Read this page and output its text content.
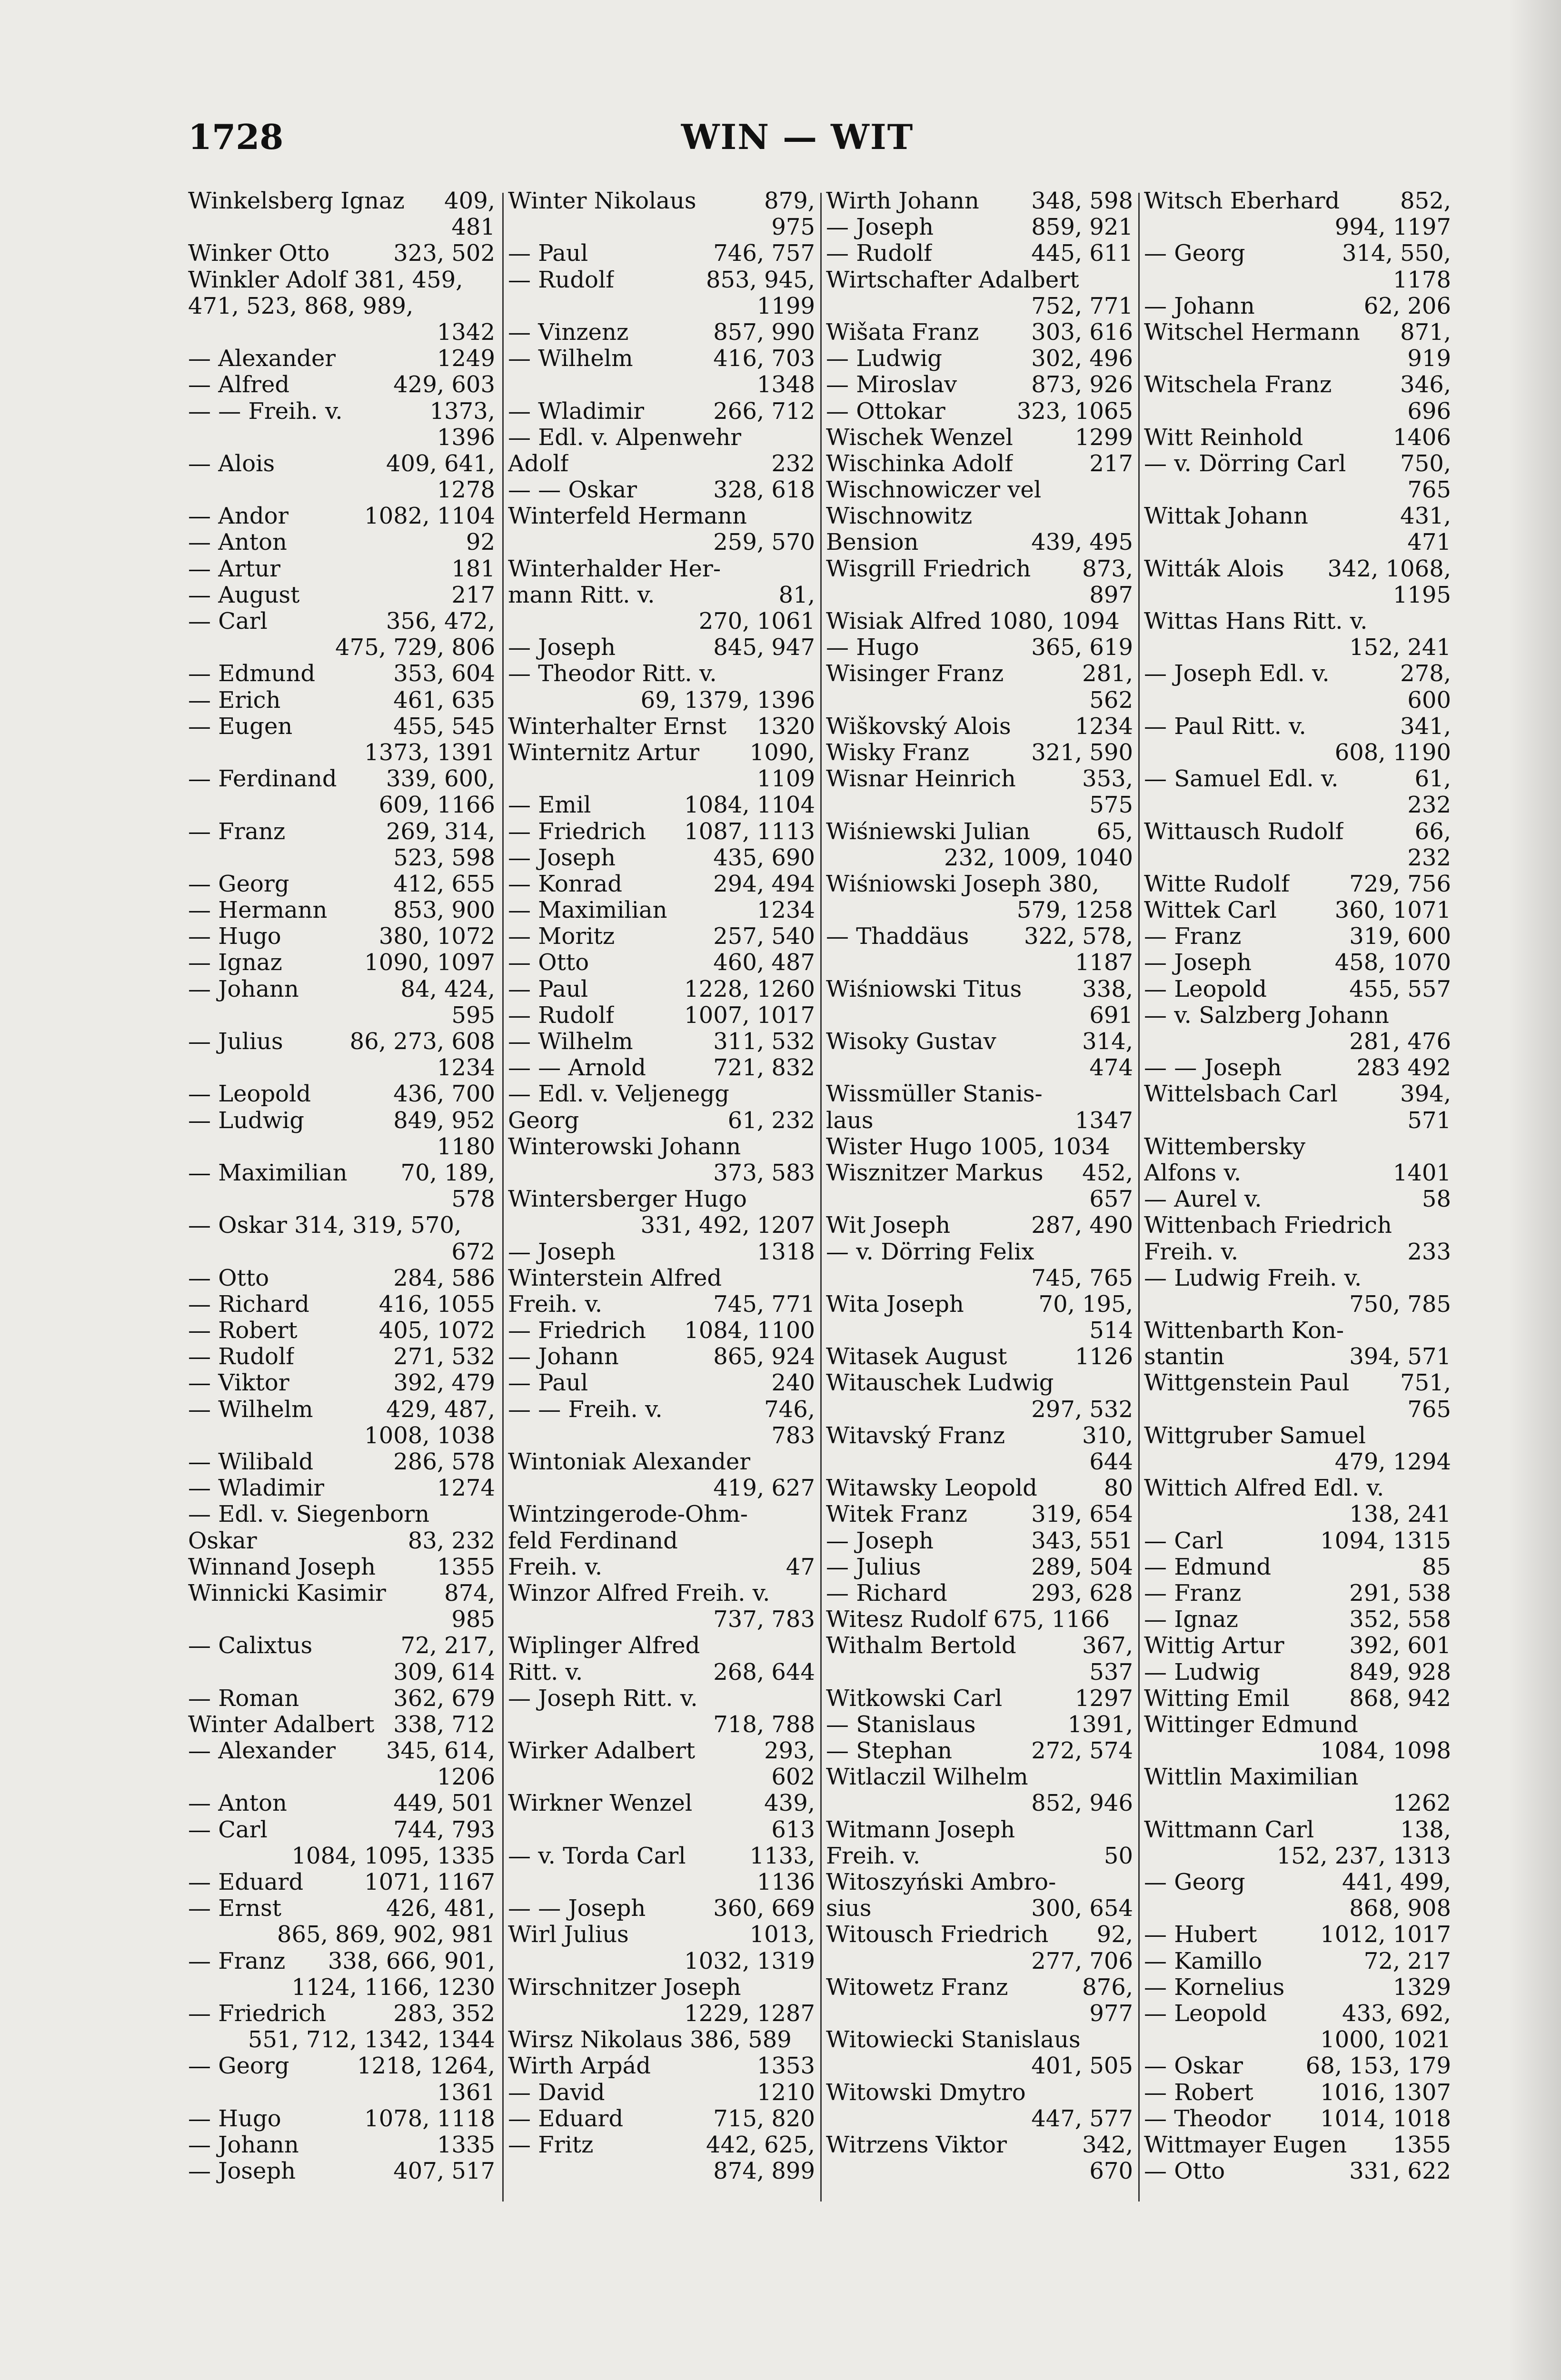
1728	WIN — WIT
Winkelsberg Ignaz 409,
481
Winker Otto	323, 502
Winkler Adolf 381, 459,
471, 523, 868, 989,
1342
— Alexander	1249
— Alfred	429, 603
— — Freih. v.	1373,
1396
— Alois	409, 641,
1278
— Andor	1082, 1104
— Anton	92
— Artur	181
— August	217
— Carl	356, 472,
475, 729, 806
— Edmund	353, 604
— Erich	461, 635
— Eugen	455, 545
1373, 1391
— Ferdinand 339, 600,
609, 1166
— Franz	269, 314,
523, 598
— Georg	412, 655
— Hermann	853, 900
— Hugo	380, 1072
— Ignaz	1090, 1097
— Johann	84, 424,
595
— Julius	86, 273, 608
1234
— Leopold	436, 700
— Ludwig	849, 952
1180
— Maximilian 70, 189,
578
— Oskar 314, 319, 570,
672
— Otto	284, 586
— Richard	416, 1055
— Robert	405, 1072
— Rudolf	271, 532
— Viktor	392, 479
— Wilhelm	429, 487,
1008, 1038
— Wilibald	286, 578
— Wladimir	1274
— Edl. v. Siegenborn
Oskar	83, 232
Winnand Joseph	1355
Winnicki Kasimir	874,
985
— Calixtus	72, 217,
309, 614
— Roman	362, 679
Winter Adalbert 338, 712
— Alexander 345, 614,
1206
— Anton	449, 501
— Carl	744, 793
1084, 1095, 1335
— Eduard	1071, 1167
— Ernst	426, 481,
865, 869, 902, 981
— Franz 338, 666, 901,
1124, 1166, 1230
— Friedrich	283, 352
551, 712, 1342, 1344
— Georg	1218, 1264,
1361
— Hugo	1078, 1118
— Johann	1335
— Joseph	407, 517
Winter Nikolaus	879,
975
— Paul	746, 757
— Rudolf	853, 945,
1199
— Vinzenz	857, 990
— Wilhelm	416, 703
1348
— Wladimir	266, 712
— Edl. v. Alpenwehr
Adolf	232
— — Oskar	328, 618
Winterfeld Hermann
259, 570
Winterhalder Her-
mann Ritt. v.	81,
270, 1061
— Joseph	845, 947
— Theodor Ritt. v.
69, 1379, 1396
Winterhalter Ernst 1320
Winternitz Artur 1090,
1109
— Emil	1084, 1104
— Friedrich 1087, 1113
— Joseph	435, 690
— Konrad	294, 494
— Maximilian	1234
— Moritz	257, 540
— Otto	460, 487
— Paul	1228, 1260
— Rudolf	1007, 1017
— Wilhelm	311, 532
— — Arnold	721, 832
— Edl. v. Veljenegg
Georg	61, 232
Winterowski Johann
373, 583
Wintersberger Hugo
331, 492, 1207
— Joseph	1318
Winterstein Alfred
Freih. v.	745, 771
— Friedrich 1084, 1100
— Johann	865, 924
— Paul	240
— — Freih. v.	746,
783
Wintoniak Alexander
419, 627
Wintzingerode-Ohm-
feld Ferdinand
Freih. v.	47
Winzor Alfred Freih. v.
737, 783
Wiplinger Alfred
Ritt. v.	268, 644
— Joseph Ritt. v.
718, 788
Wirker Adalbert	293,
602
Wirkner Wenzel	439,
613
— v. Torda Carl	1133,
1136
— — Joseph	360, 669
Wirl Julius	1013,
1032, 1319
Wirschnitzer Joseph
1229, 1287
Wirsz Nikolaus 386, 589
Wirth Arpád	1353
— David	1210
— Eduard	715, 820
— Fritz	442, 625,
874, 899
Wirth Johann 348, 598
— Joseph	859, 921
— Rudolf	445, 611
Wirtschafter Adalbert
752, 771
Wišata Franz 303, 616
— Ludwig	302, 496
— Miroslav	873, 926
— Ottokar	323, 1065
Wischek Wenzel	1299
Wischinka Adolf	217
Wischnowiczer vel
Wischnowitz
Bension	439, 495
Wisgrill Friedrich 873,
897
Wisiak Alfred 1080, 1094
— Hugo	365, 619
Wisinger Franz	281,
562
Wiškovský Alois	1234
Wisky Franz	321, 590
Wisnar Heinrich	353,
575
Wiśniewski Julian	65,
232, 1009, 1040
Wiśniowski Joseph 380,
579, 1258
— Thaddäus 322, 578,
1187
Wiśniowski Titus	338,
691
Wisoky Gustav	314,
474
Wissmüller Stanis-
laus	1347
Wister Hugo 1005, 1034
Wisznitzer Markus 452,
657
Wit Joseph	287, 490
— v. Dörring Felix
745, 765
Wita Joseph	70, 195,
514
Witasek August	1126
Witauschek Ludwig
297, 532
Witavský Franz	310,
644
Witawsky Leopold	80
Witek Franz	319, 654
— Joseph	343, 551
— Julius	289, 504
— Richard	293, 628
Witesz Rudolf 675, 1166
Withalm Bertold	367,
537
Witkowski Carl	1297
— Stanislaus	1391,
— Stephan	272, 574
Witlaczil Wilhelm
852, 946
Witmann Joseph
Freih. v.	50
Witoszyński Ambro-
sius	300, 654
Witousch Friedrich 92,
277, 706
Witowetz Franz	876,
977
Witowiecki Stanislaus
401, 505
Witowski Dmytro
447, 577
Witrzens Viktor	342,
670
Witsch Eberhard	852,
994, 1197
— Georg	314, 550,
1178
— Johann	62, 206
Witschel Hermann 871,
919
Witschela Franz	346,
696
Witt Reinhold	1406
— v. Dörring Carl 750,
765
Wittak Johann	431,
471
Witták Alois 342, 1068,
1195
Wittas Hans Ritt. v.
152, 241
— Joseph Edl. v.	278,
600
— Paul Ritt. v.	341,
608, 1190
— Samuel Edl. v.	61,
232
Wittausch Rudolf	66,
232
Witte Rudolf	729, 756
Wittek Carl	360, 1071
— Franz	319, 600
— Joseph	458, 1070
— Leopold	455, 557
— v. Salzberg Johann
281, 476
— — Joseph	283 492
Wittelsbach Carl	394,
571
Wittembersky
Alfons v.	1401
— Aurel v.	58
Wittenbach Friedrich
Freih. v.	233
— Ludwig Freih. v.
750, 785
Wittenbarth Kon-
stantin	394, 571
Wittgenstein Paul 751,
765
Wittgruber Samuel
479, 1294
Wittich Alfred Edl. v.
138, 241
— Carl	1094, 1315
— Edmund	85
— Franz	291, 538
— Ignaz	352, 558
Wittig Artur	392, 601
— Ludwig	849, 928
Witting Emil	868, 942
Wittinger Edmund
1084, 1098
Wittlin Maximilian
1262
Wittmann Carl	138,
152, 237, 1313
— Georg	441, 499,
868, 908
— Hubert	1012, 1017
— Kamillo	72, 217
— Kornelius	1329
— Leopold	433, 692,
1000, 1021
— Oskar	68, 153, 179
— Robert	1016, 1307
— Theodor 1014, 1018
Wittmayer Eugen 1355
— Otto	331, 622
